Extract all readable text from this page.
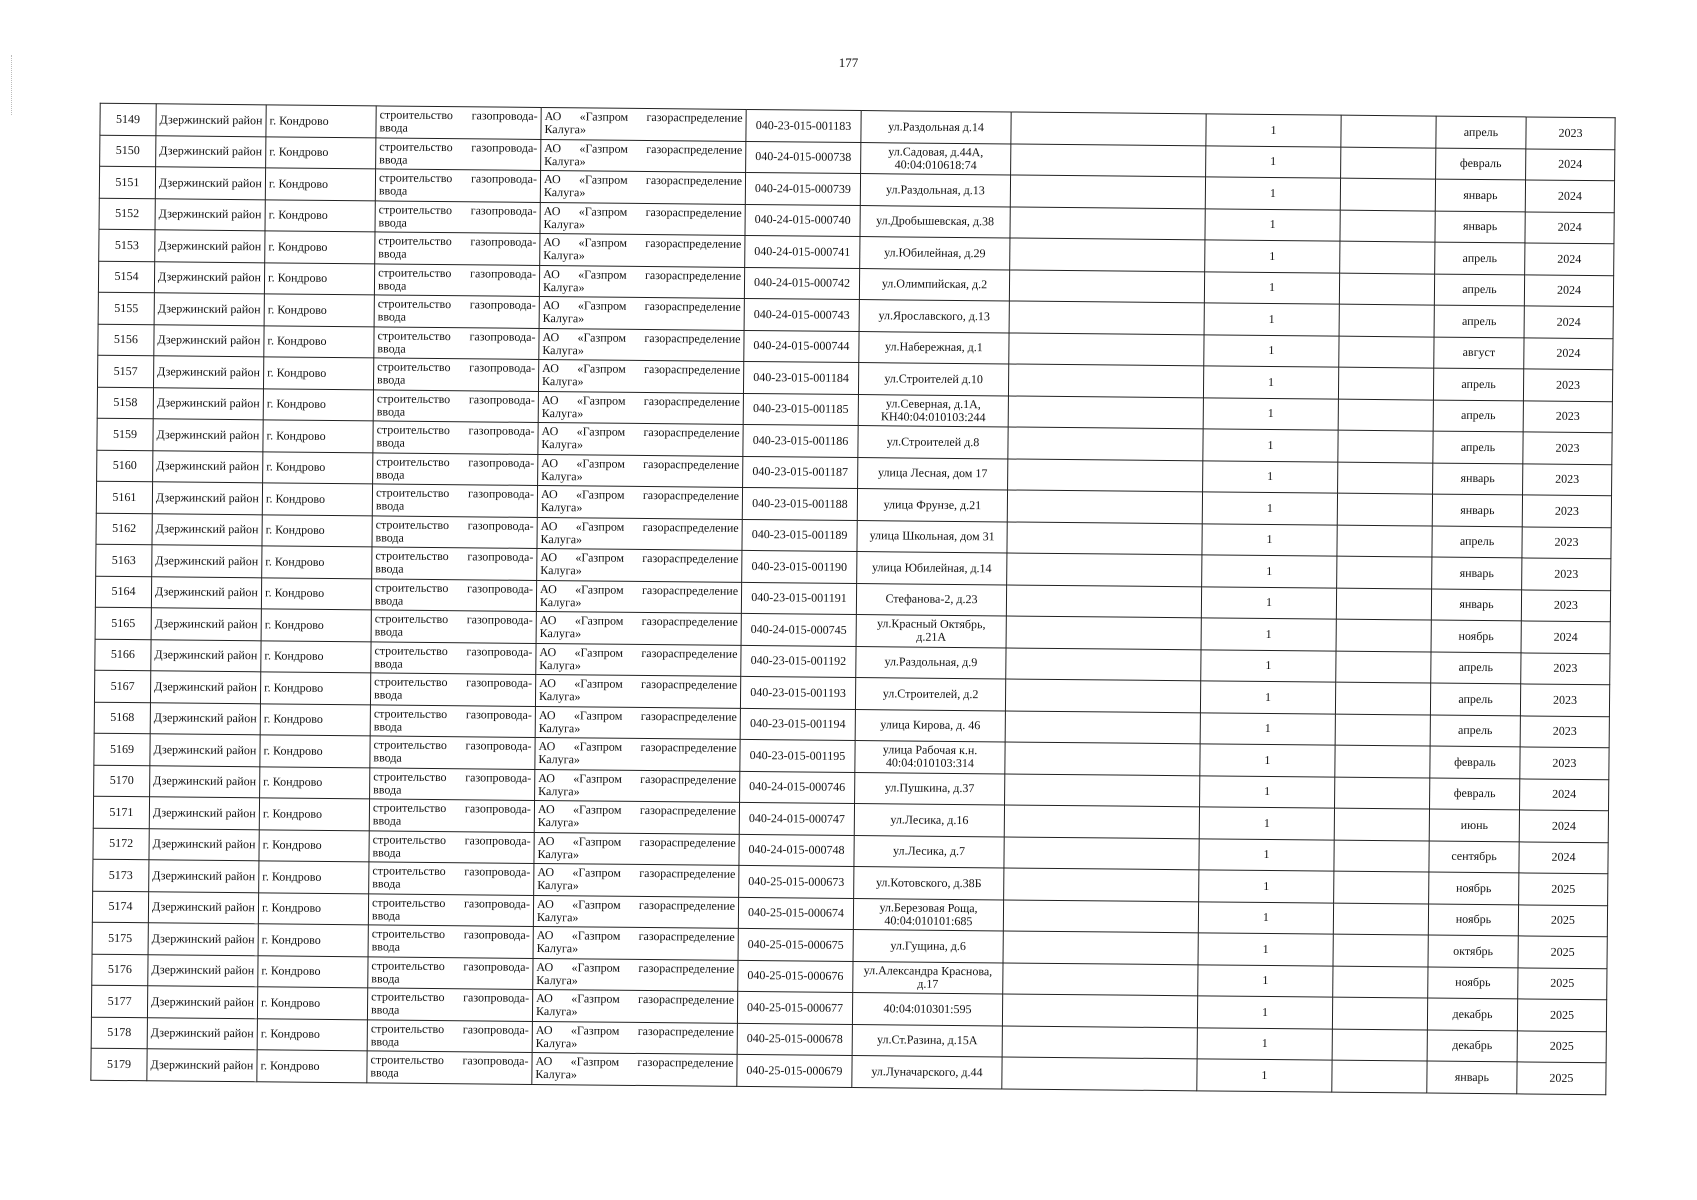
177
5149	Дзержинский район	г. Кондрово	строительство газопровода-
ввода	АО «Газпром газораспределение
Калуга»	040-23-015-001183	ул.Раздольная д.14		1		апрель	2023
5150	Дзержинский район	г. Кондрово	строительство газопровода-
ввода	АО «Газпром газораспределение
Калуга»	040-24-015-000738	ул.Садовая, д.44А,
40:04:010618:74		1		февраль	2024
5151	Дзержинский район	г. Кондрово	строительство газопровода-
ввода	АО «Газпром газораспределение
Калуга»	040-24-015-000739	ул.Раздольная, д.13		1		январь	2024
5152	Дзержинский район	г. Кондрово	строительство газопровода-
ввода	АО «Газпром газораспределение
Калуга»	040-24-015-000740	ул.Дробышевская, д.38		1		январь	2024
5153	Дзержинский район	г. Кондрово	строительство газопровода-
ввода	АО «Газпром газораспределение
Калуга»	040-24-015-000741	ул.Юбилейная, д.29		1		апрель	2024
5154	Дзержинский район	г. Кондрово	строительство газопровода-
ввода	АО «Газпром газораспределение
Калуга»	040-24-015-000742	ул.Олимпийская, д.2		1		апрель	2024
5155	Дзержинский район	г. Кондрово	строительство газопровода-
ввода	АО «Газпром газораспределение
Калуга»	040-24-015-000743	ул.Ярославского, д.13		1		апрель	2024
5156	Дзержинский район	г. Кондрово	строительство газопровода-
ввода	АО «Газпром газораспределение
Калуга»	040-24-015-000744	ул.Набережная, д.1		1		август	2024
5157	Дзержинский район	г. Кондрово	строительство газопровода-
ввода	АО «Газпром газораспределение
Калуга»	040-23-015-001184	ул.Строителей д.10		1		апрель	2023
5158	Дзержинский район	г. Кондрово	строительство газопровода-
ввода	АО «Газпром газораспределение
Калуга»	040-23-015-001185	ул.Северная, д.1А,
КН40:04:010103:244		1		апрель	2023
5159	Дзержинский район	г. Кондрово	строительство газопровода-
ввода	АО «Газпром газораспределение
Калуга»	040-23-015-001186	ул.Строителей д.8		1		апрель	2023
5160	Дзержинский район	г. Кондрово	строительство газопровода-
ввода	АО «Газпром газораспределение
Калуга»	040-23-015-001187	улица Лесная, дом 17		1		январь	2023
5161	Дзержинский район	г. Кондрово	строительство газопровода-
ввода	АО «Газпром газораспределение
Калуга»	040-23-015-001188	улица Фрунзе, д.21		1		январь	2023
5162	Дзержинский район	г. Кондрово	строительство газопровода-
ввода	АО «Газпром газораспределение
Калуга»	040-23-015-001189	улица Школьная, дом 31		1		апрель	2023
5163	Дзержинский район	г. Кондрово	строительство газопровода-
ввода	АО «Газпром газораспределение
Калуга»	040-23-015-001190	улица Юбилейная, д.14		1		январь	2023
5164	Дзержинский район	г. Кондрово	строительство газопровода-
ввода	АО «Газпром газораспределение
Калуга»	040-23-015-001191	Стефанова-2, д.23		1		январь	2023
5165	Дзержинский район	г. Кондрово	строительство газопровода-
ввода	АО «Газпром газораспределение
Калуга»	040-24-015-000745	ул.Красный Октябрь,
д.21А		1		ноябрь	2024
5166	Дзержинский район	г. Кондрово	строительство газопровода-
ввода	АО «Газпром газораспределение
Калуга»	040-23-015-001192	ул.Раздольная, д.9		1		апрель	2023
5167	Дзержинский район	г. Кондрово	строительство газопровода-
ввода	АО «Газпром газораспределение
Калуга»	040-23-015-001193	ул.Строителей, д.2		1		апрель	2023
5168	Дзержинский район	г. Кондрово	строительство газопровода-
ввода	АО «Газпром газораспределение
Калуга»	040-23-015-001194	улица Кирова, д. 46		1		апрель	2023
5169	Дзержинский район	г. Кондрово	строительство газопровода-
ввода	АО «Газпром газораспределение
Калуга»	040-23-015-001195	улица Рабочая к.н.
40:04:010103:314		1		февраль	2023
5170	Дзержинский район	г. Кондрово	строительство газопровода-
ввода	АО «Газпром газораспределение
Калуга»	040-24-015-000746	ул.Пушкина, д.37		1		февраль	2024
5171	Дзержинский район	г. Кондрово	строительство газопровода-
ввода	АО «Газпром газораспределение
Калуга»	040-24-015-000747	ул.Лесика, д.16		1		июнь	2024
5172	Дзержинский район	г. Кондрово	строительство газопровода-
ввода	АО «Газпром газораспределение
Калуга»	040-24-015-000748	ул.Лесика, д.7		1		сентябрь	2024
5173	Дзержинский район	г. Кондрово	строительство газопровода-
ввода	АО «Газпром газораспределение
Калуга»	040-25-015-000673	ул.Котовского, д.38Б		1		ноябрь	2025
5174	Дзержинский район	г. Кондрово	строительство газопровода-
ввода	АО «Газпром газораспределение
Калуга»	040-25-015-000674	ул.Березовая Роща,
40:04:010101:685		1		ноябрь	2025
5175	Дзержинский район	г. Кондрово	строительство газопровода-
ввода	АО «Газпром газораспределение
Калуга»	040-25-015-000675	ул.Гущина, д.6		1		октябрь	2025
5176	Дзержинский район	г. Кондрово	строительство газопровода-
ввода	АО «Газпром газораспределение
Калуга»	040-25-015-000676	ул.Александра Краснова,
д.17		1		ноябрь	2025
5177	Дзержинский район	г. Кондрово	строительство газопровода-
ввода	АО «Газпром газораспределение
Калуга»	040-25-015-000677	40:04:010301:595		1		декабрь	2025
5178	Дзержинский район	г. Кондрово	строительство газопровода-
ввода	АО «Газпром газораспределение
Калуга»	040-25-015-000678	ул.Ст.Разина, д.15А		1		декабрь	2025
5179	Дзержинский район	г. Кондрово	строительство газопровода-
ввода	АО «Газпром газораспределение
Калуга»	040-25-015-000679	ул.Луначарского, д.44		1		январь	2025
